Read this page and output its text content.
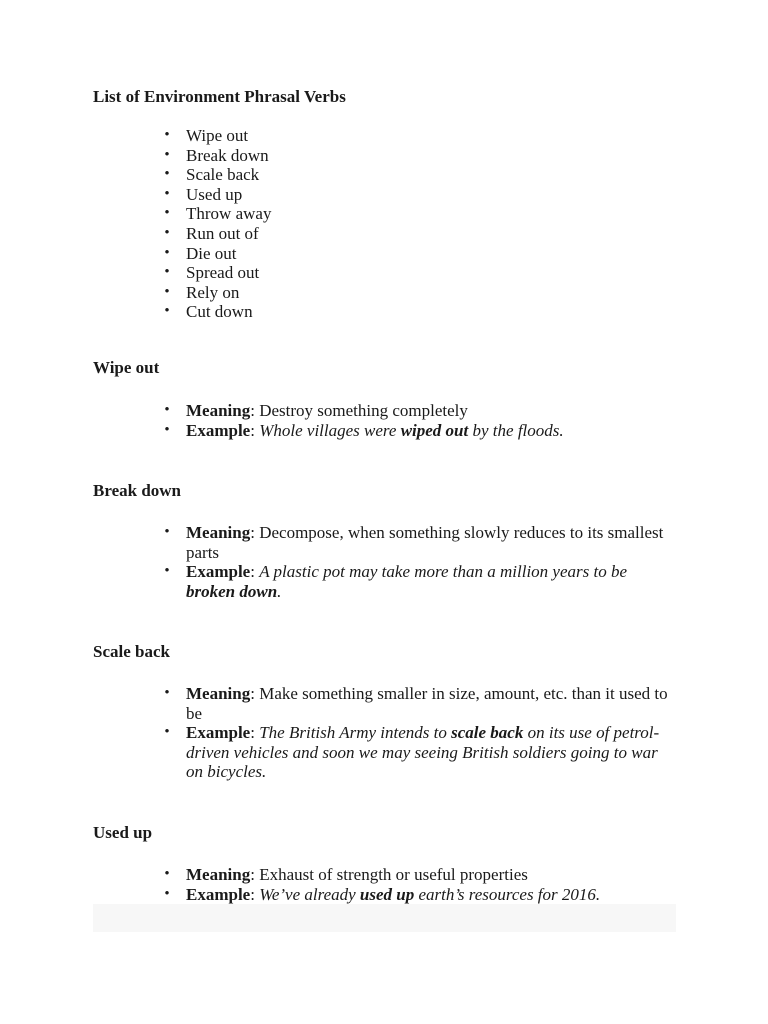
List of Environment Phrasal Verbs
• Wipe out
• Break down
• Scale back
• Used up
• Throw away
• Run out of
• Die out
• Spread out
• Rely on
• Cut down
Wipe out
• Meaning: Destroy something completely
• Example: Whole villages were wiped out by the floods.
Break down
• Meaning: Decompose, when something slowly reduces to its smallest parts
• Example: A plastic pot may take more than a million years to be broken down.
Scale back
• Meaning: Make something smaller in size, amount, etc. than it used to be
• Example: The British Army intends to scale back on its use of petrol-driven vehicles and soon we may seeing British soldiers going to war on bicycles.
Used up
• Meaning: Exhaust of strength or useful properties
• Example: We’ve already used up earth’s resources for 2016.
